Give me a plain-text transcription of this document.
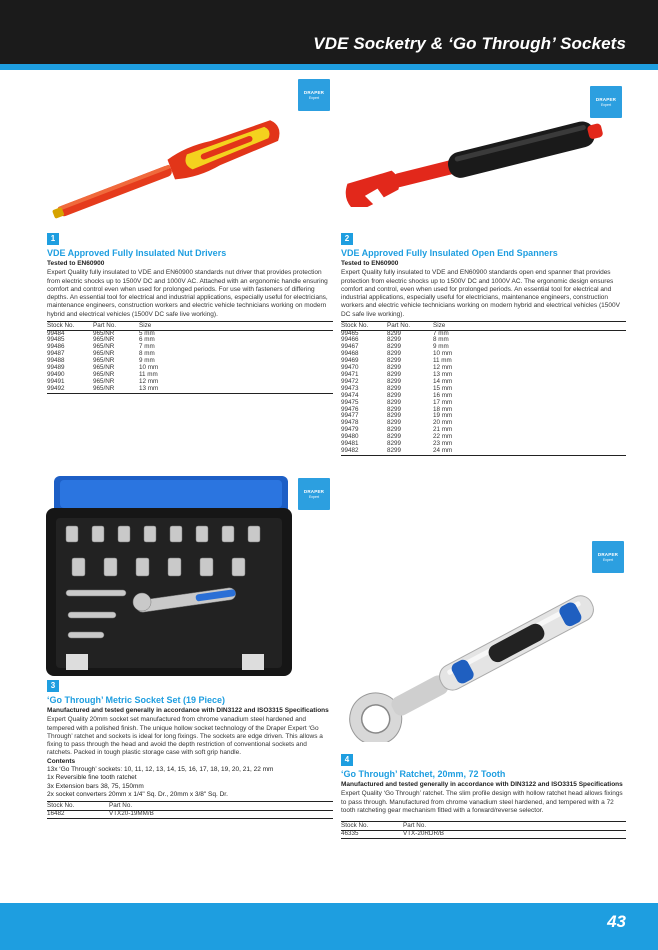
VDE Socketry & ‘Go Through’ Sockets
DRAPER
Expert	DRAPER
Expert
DRAPER
Expert
DRAPER
Expert
1
VDE Approved Fully Insulated Nut Drivers
Tested to EN60900
Expert Quality fully insulated to VDE and EN60900 standards nut driver that provides protection from electric shocks up to 1500V DC and 1000V AC. Attached with an ergonomic handle ensuring comfort and control even when used for prolonged periods. For use with fasteners of differing depths. An essential tool for electrical and industrial applications, especially useful for electricians, maintenance engineers, construction workers and electric vehicle technicians working on modern hybrid and electrical vehicles (1500V DC safe live working).
Stock No.	Part No.	Size
99484	965/NR	5 mm
99485	965/NR	6 mm
99486	965/NR	7 mm
99487	965/NR	8 mm
99488	965/NR	9 mm
99489	965/NR	10 mm
99490	965/NR	11 mm
99491	965/NR	12 mm
99492	965/NR	13 mm
2
VDE Approved Fully Insulated Open End Spanners
Tested to EN60900
Expert Quality fully insulated to VDE and EN60900 standards open end spanner that provides protection from electric shocks up to 1500V DC and 1000V AC. The ergonomic design ensures comfort and control, even when used for prolonged periods. An essential tool for electrical and industrial applications, especially useful for electricians, maintenance engineers, construction workers and electric vehicle technicians working on modern hybrid and electrical vehicles (1500V DC safe live working).
Stock No.	Part No.	Size
99465	8299	7 mm
99466	8299	8 mm
99467	8299	9 mm
99468	8299	10 mm
99469	8299	11 mm
99470	8299	12 mm
99471	8299	13 mm
99472	8299	14 mm
99473	8299	15 mm
99474	8299	16 mm
99475	8299	17 mm
99476	8299	18 mm
99477	8299	19 mm
99478	8299	20 mm
99479	8299	21 mm
99480	8299	22 mm
99481	8299	23 mm
99482	8299	24 mm
3
‘Go Through’ Metric Socket Set (19 Piece)
Manufactured and tested generally in accordance with DIN3122 and ISO3315 Specifications
Expert Quality 20mm socket set manufactured from chrome vanadium steel hardened and tempered with a polished finish. The unique hollow socket technology of the Draper Expert ‘Go Through’ ratchet and sockets is ideal for long fixings. The sockets are edge driven. This allows a fixing to pass through the head and avoid the depth restriction of conventional sockets and ratchets. Packed in tough plastic storage case with soft grip handle.
Contents
13x ‘Go Through’ sockets: 10, 11, 12, 13, 14, 15, 16, 17, 18, 19, 20, 21, 22 mm
1x Reversible fine tooth ratchet
3x Extension bars 38, 75, 150mm
2x socket converters 20mm x 1/4" Sq. Dr., 20mm x 3/8" Sq. Dr.
Stock No.	Part No.
16482	VTX20-19MM/B
4
‘Go Through’ Ratchet, 20mm, 72 Tooth
Manufactured and tested generally in accordance with DIN3122 and ISO3315 Specifications
Expert Quality ‘Go Through’ ratchet. The slim profile design with hollow ratchet head allows fixings to pass through. Manufactured from chrome vanadium steel hardened, and tempered with a 72 tooth ratcheting gear mechanism fitted with a forward/reverse selector.
Stock No.	Part No.
46335	VTX-20RDR/B
43
